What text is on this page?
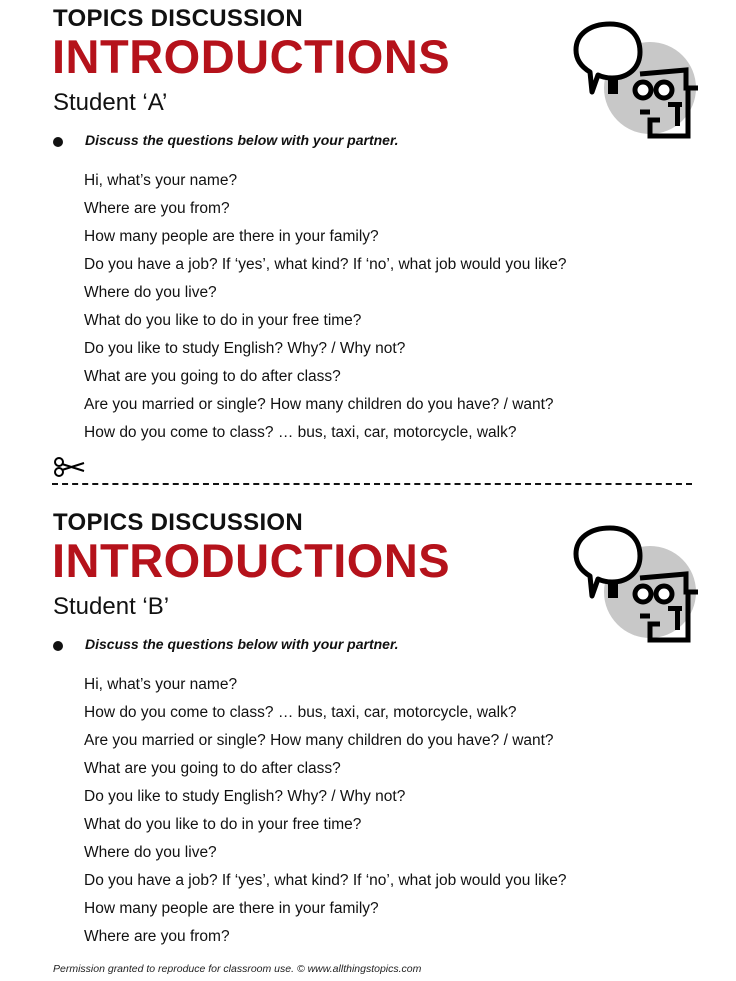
TOPICS DISCUSSION
INTRODUCTIONS
Student ‘A’
Discuss the questions below with your partner.
Hi, what’s your name?
Where are you from?
How many people are there in your family?
Do you have a job? If ‘yes’, what kind? If ‘no’, what job would you like?
Where do you live?
What do you like to do in your free time?
Do you like to study English? Why? / Why not?
What are you going to do after class?
Are you married or single? How many children do you have? / want?
How do you come to class? … bus, taxi, car, motorcycle, walk?
TOPICS DISCUSSION
INTRODUCTIONS
Student ‘B’
Discuss the questions below with your partner.
Hi, what’s your name?
How do you come to class? … bus, taxi, car, motorcycle, walk?
Are you married or single? How many children do you have? / want?
What are you going to do after class?
Do you like to study English? Why? / Why not?
What do you like to do in your free time?
Where do you live?
Do you have a job? If ‘yes’, what kind? If ‘no’, what job would you like?
How many people are there in your family?
Where are you from?
Permission granted to reproduce for classroom use. © www.allthingstopics.com
